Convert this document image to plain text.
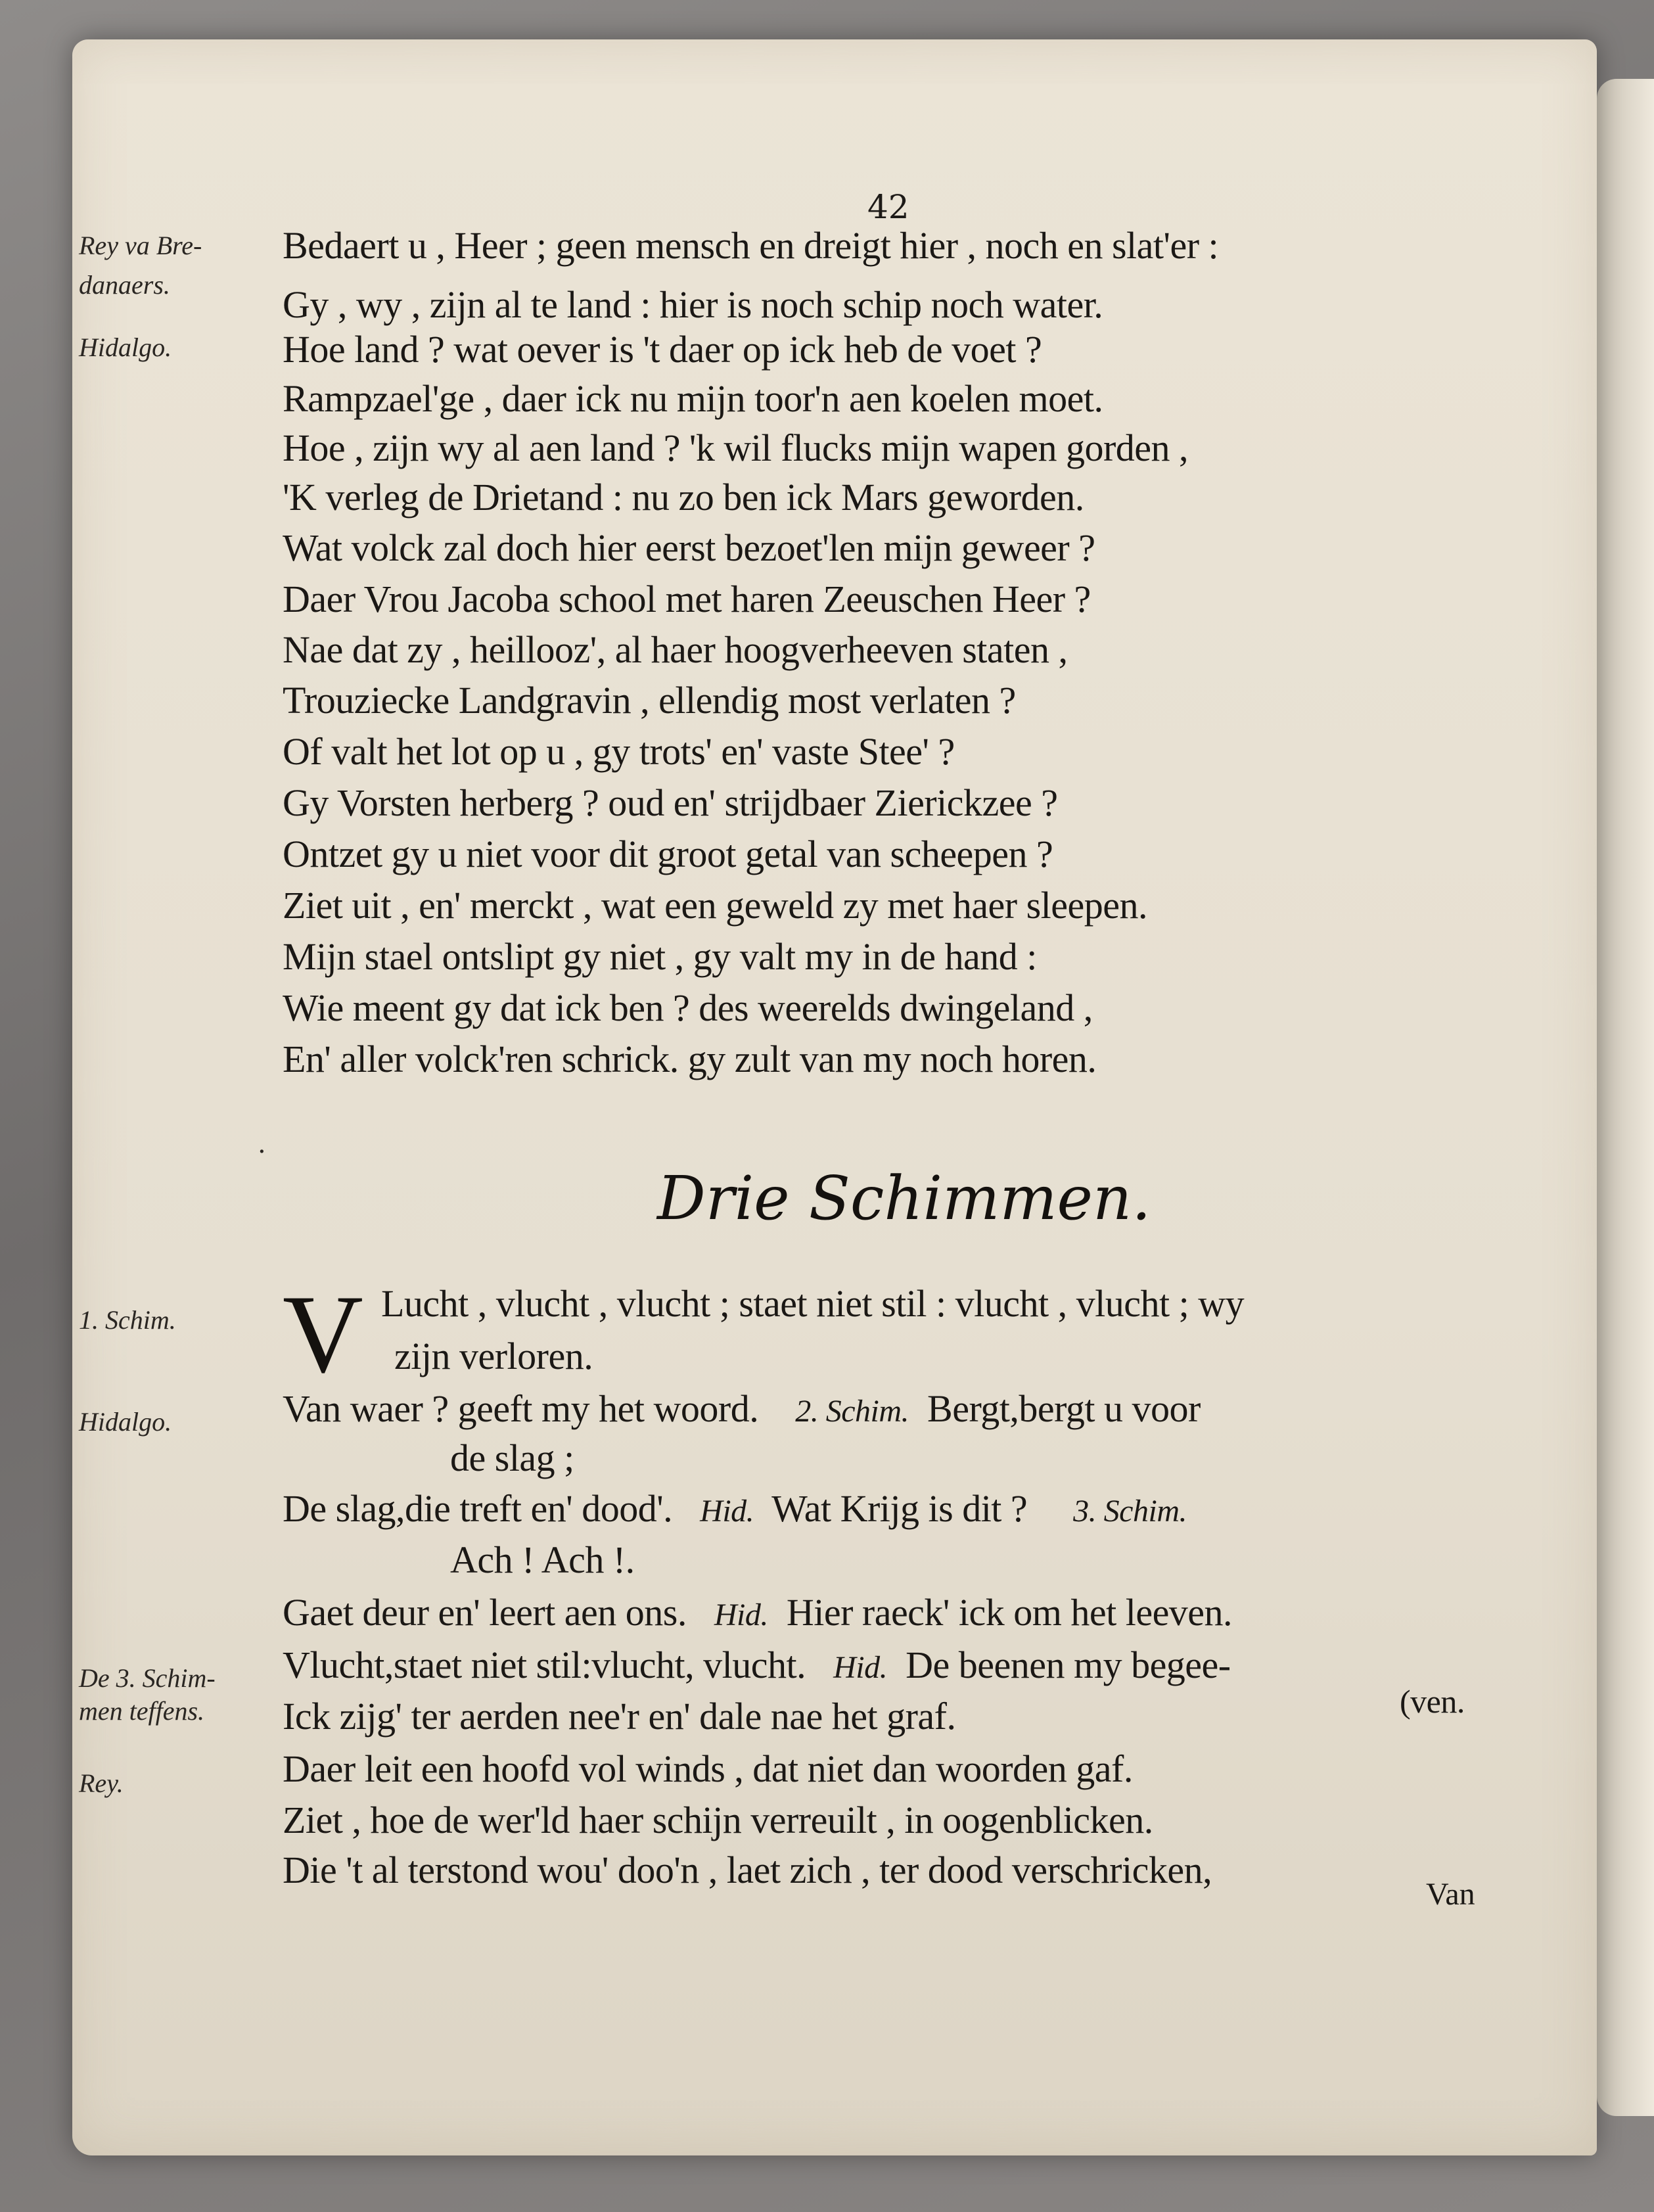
42
Rey va Bre-
danaers.
Hidalgo.
Bedaert u , Heer ; geen mensch en dreigt hier , noch en slat'er :
Gy , wy , zijn al te land : hier is noch schip noch water.
Hoe land ? wat oever is 't daer op ick heb de voet ?
Rampzael'ge , daer ick nu mijn toor'n aen koelen moet.
Hoe , zijn wy al aen land ? 'k wil flucks mijn wapen gorden ,
'K verleg de Drietand : nu zo ben ick Mars geworden.
Wat volck zal doch hier eerst bezoet'len mijn geweer ?
Daer Vrou Jacoba school met haren Zeeuschen Heer ?
Nae dat zy , heillooz', al haer hoogverheeven staten ,
Trouziecke Landgravin , ellendig most verlaten ?
Of valt het lot op u , gy trots' en' vaste Stee' ?
Gy Vorsten herberg ? oud en' strijdbaer Zierickzee ?
Ontzet gy u niet voor dit groot getal van scheepen ?
Ziet uit , en' merckt , wat een geweld zy met haer sleepen.
Mijn stael ontslipt gy niet , gy valt my in de hand :
Wie meent gy dat ick ben ? des weerelds dwingeland ,
En' aller volck'ren schrick. gy zult van my noch horen.
.
Drie Schimmen.
1. Schim.
Hidalgo.
De 3. Schim-
men teffens.
Rey.
V Lucht , vlucht , vlucht ; staet niet stil : vlucht , vlucht ; wy
zijn verloren.
Van waer ? geeft my het woord. 2. Schim. Bergt,bergt u voor
de slag ;
De slag,die treft en' dood'. Hid. Wat Krijg is dit ? 3. Schim.
Ach ! Ach !.
Gaet deur en' leert aen ons. Hid. Hier raeck' ick om het leeven.
Vlucht,staet niet stil:vlucht, vlucht. Hid. De beenen my begee-
Ick zijg' ter aerden nee'r en' dale nae het graf.	(ven.
Daer leit een hoofd vol winds , dat niet dan woorden gaf.
Ziet , hoe de wer'ld haer schijn verreuilt , in oogenblicken.
Die 't al terstond wou' doo'n , laet zich , ter dood verschricken,
Van
